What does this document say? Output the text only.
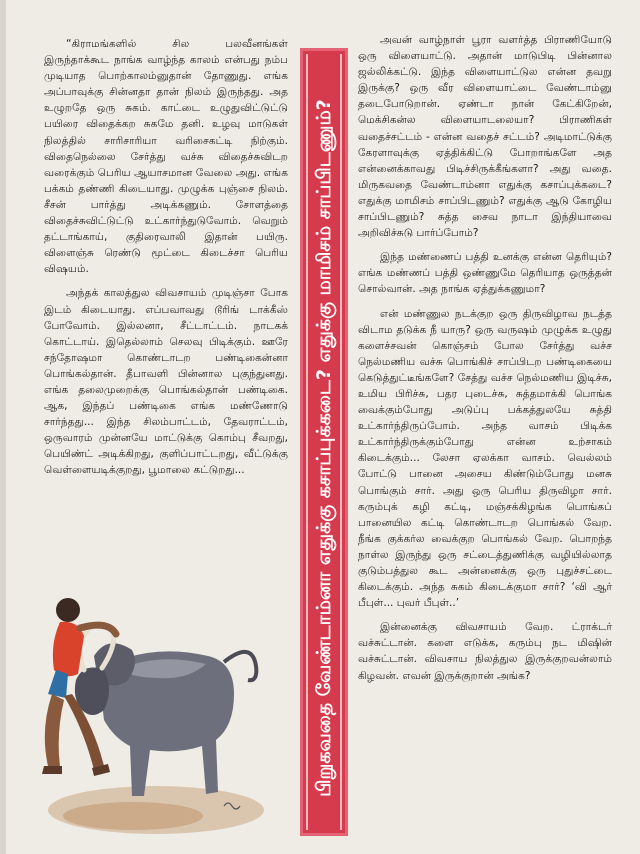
“கிராமங்களில் சில பலவீனங்கள் இருந்தாக்கூட நாங்க வாழ்ந்த காலம் என்பது நம்ப முடியாத பொற்காலம்னுதான் தோணுது. எங்க அப்பாவுக்கு சின்னதா தான் நிலம் இருந்தது. அத உழுறதே ஒரு சுகம். காட்டை உழுதுவிட்டுட்டு பயிரை விதைக்கற சுகமே தனி. உழவு மாடுகள் நிலத்தில் சாரிசாரியா வரிசைகட்டி நிற்கும். விதைநெல்லை சேர்த்து வச்சு விதைச்சுவிடற வரைக்கும் பெரிய ஆயாசமான வேலை அது. எங்க பக்கம் தண்ணி கிடையாது. முழுக்க புஞ்சை நிலம். சீசன் பார்த்து அடிக்கணும். சோளத்தை விதைச்சுவிட்டுட்டு உட்கார்ந்துடுவோம். வெறும் தட்டாங்காய், குதிரைவாலி இதான் பயிரு. விளைஞ்சு ரெண்டு மூட்டை கிடைச்சா பெரிய விஷயம்.

அந்தக் காலத்துல விவசாயம் முடிஞ்சா போக இடம் கிடையாது. எப்பவாவது டூரிங் டாக்கீஸ் போவோம். இல்லனா, சீட்டாட்டம். நாடகக் கொட்டாய். இதெல்லாம் செலவு பிடிக்கும். ஊரே சந்தோஷமா கொண்டாடற பண்டிகைன்னா பொங்கல்தான். தீபாவளி பின்னால புகுந்துனது. எங்க தலைமுறைக்கு பொங்கல்தான் பண்டிகை. ஆக, இந்தப் பண்டிகை எங்க மண்ணோடு சார்ந்தது... இந்த சிலம்பாட்டம், தேவராட்டம், ஒருவாரம் முன்னயே மாட்டுக்கு கொம்பு சீவறது, பெயிண்ட் அடிக்கிறது, குளிப்பாட்டறது, வீட்டுக்கு வெள்ளையடிக்குறது, பூமாலை கட்டுறது...	பிறுகவதை வேண்டாம்னா எதுக்கு கசாப்புக்கடை? எதுக்கு மாமிசம் சாப்பிடணும்?

அவன் வாழ்நாள் பூரா வளர்த்த பிராணியோடு ஒரு விளையாட்டு. அதான் மாடுபிடி பின்னால ஜல்லிக்கட்டு. இந்த விளையாட்டுல என்ன தவறு இருக்கு? ஒரு வீர விளையாட்டை வேண்டாம்னு தடைபோடுறான். ஏண்டா நான் கேட்கிறேன், மெக்சிகன்ல விளையாடலையா? பிராணிகள் வதைச்சட்டம் - என்ன வதைச் சட்டம்? அடிமாட்டுக்கு கேரளாவுக்கு ஏத்திக்கிட்டு போறாங்களே அத என்னைக்காவது பிடிச்சிருக்கீங்களா? அது வதை. மிருகவதை வேண்டாம்னா எதுக்கு கசாப்புக்கடை? எதுக்கு மாமிசம் சாப்பிடணும்? எதுக்கு ஆடு கோழிய சாப்பிடணும்? சுத்த சைவ நாடா இந்தியாவை அறிவிச்சுடு பார்ப்போம்?

இந்த மண்ணைப் பத்தி உனக்கு என்ன தெரியும்? எங்க மண்ணப் பத்தி ஒண்ணுமே தெரியாத ஒருத்தன் சொல்வான். அத நாங்க ஏத்துக்கணுமா?

என் மண்ணுல நடக்குற ஒரு திருவிழாவ நடத்த விடாம தடுக்க நீ யாரு? ஒரு வருஷம் முழுக்க உழுது களைச்சவன் கொஞ்சம் போல சேர்த்து வச்ச நெல்மணிய வச்சு பொங்கிச் சாப்பிடற பண்டிகையை கெடுத்துட்டீங்களே? சேத்து வச்ச நெல்மணிய இடிச்சு, உமிய பிரிச்சு, பதர புடைச்சு, சுத்தமாக்கி பொங்க வைக்கும்போது அடுப்பு பக்கத்துலயே சுத்தி உட்கார்ந்திருப்போம். அந்த வாசம் பிடிக்க உட்கார்ந்திருக்கும்போது என்ன உற்சாகம் கிடைக்கும்... லேசா ஏலக்கா வாசம். வெல்லம் போட்டு பானை அசைய கிண்டும்போது மனசு பொங்கும் சார். அது ஒரு பெரிய திருவிழா சார். கரும்புக் கழி கட்டி, மஞ்சக்கிழங்க பொங்கப் பானையில கட்டி கொண்டாடற பொங்கல் வேற. நீங்க குக்கர்ல வைக்குற பொங்கல் வேற. பொறந்த நாள்ல இருந்து ஒரு சட்டைத்துணிக்கு வழியில்லாத குடும்பத்துல கூட அன்னைக்கு ஒரு புதுச்சட்டை கிடைக்கும். அந்த சுகம் கிடைக்குமா சார்? ‘வி ஆர் பீபுள்... புவர் பீபுள்..’

இன்னைக்கு விவசாயம் வேற. ட்ராக்டர் வச்சுட்டான். களை எடுக்க, கரும்பு நட மிஷின் வச்சுட்டான். விவசாய நிலத்துல இருக்குறவன்லாம் கிழவன். எவன் இருக்குறான் அங்க?
